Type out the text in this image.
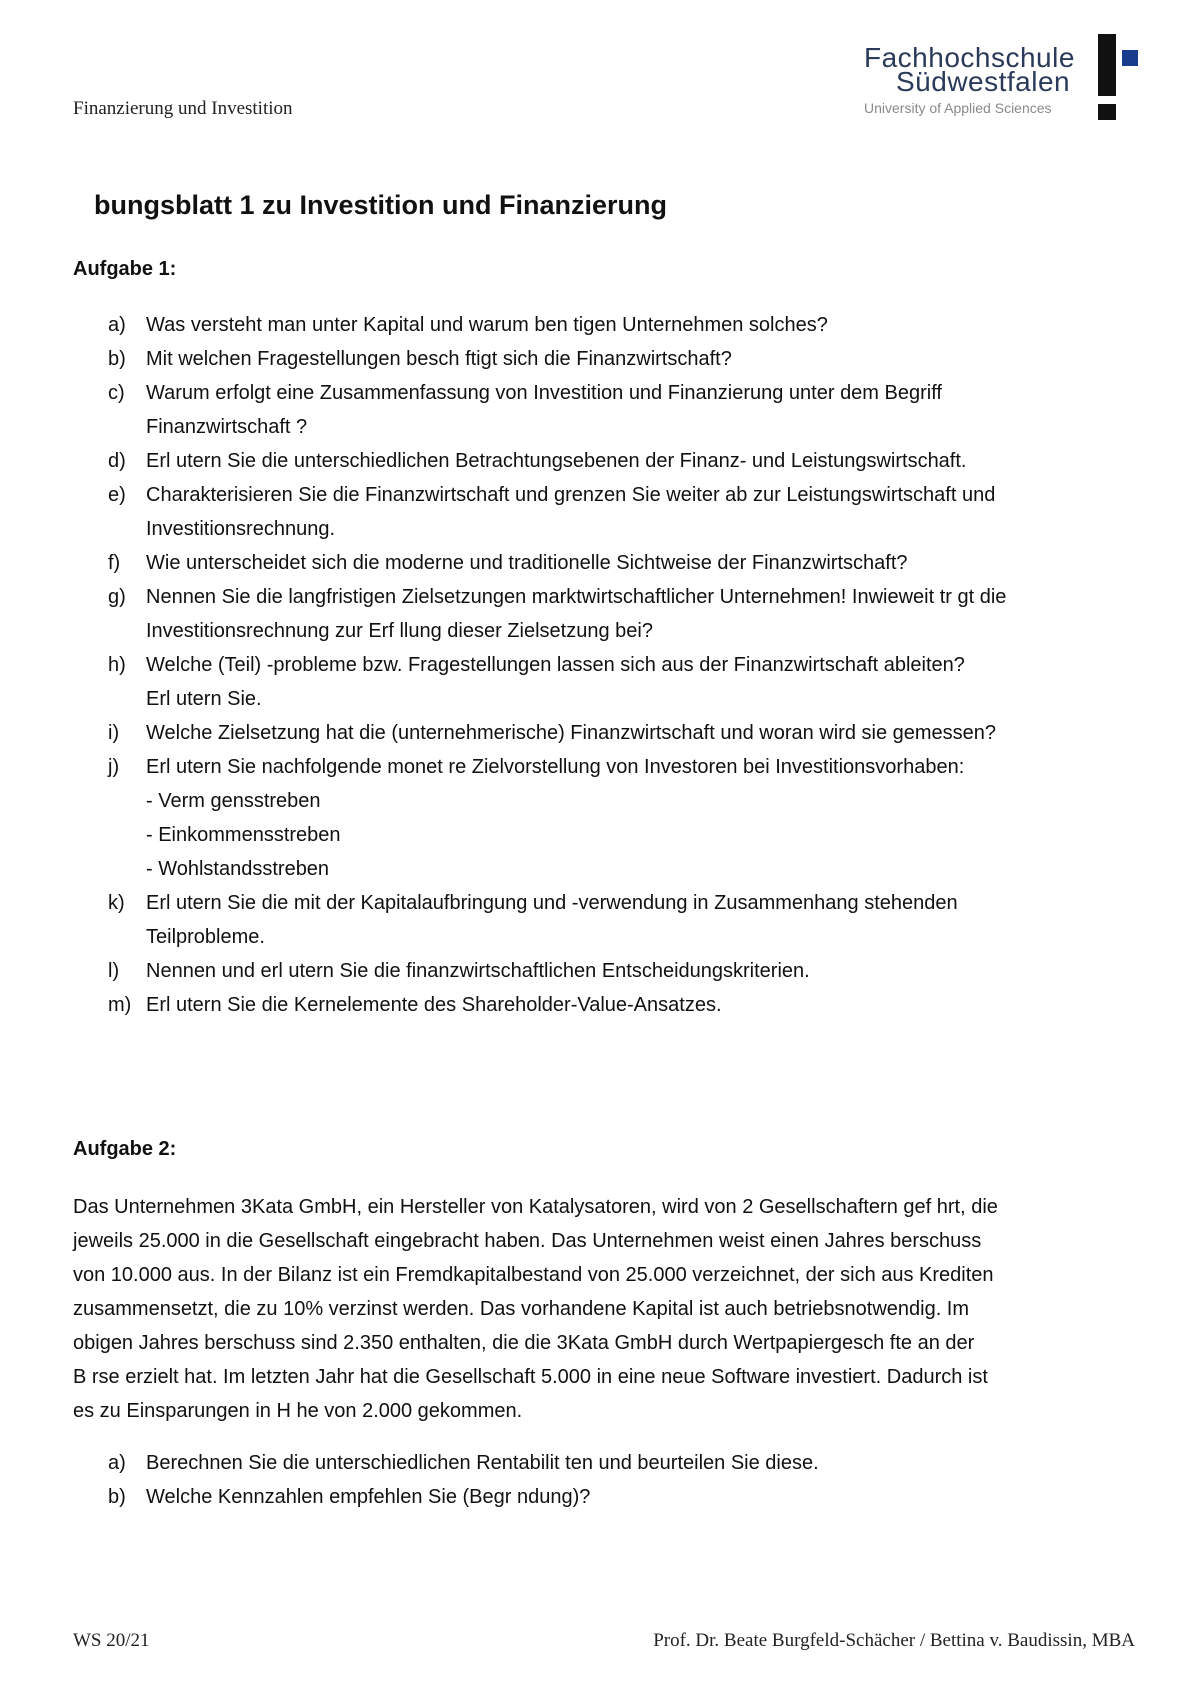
Finanzierung und Investition
Fachhochschule
Südwestfalen
University of Applied Sciences
bungsblatt 1 zu Investition und Finanzierung
Aufgabe 1:
a) Was versteht man unter Kapital und warum ben tigen Unternehmen solches?
b) Mit welchen Fragestellungen besch ftigt sich die Finanzwirtschaft?
c) Warum erfolgt eine Zusammenfassung von Investition und Finanzierung unter dem Begriff
Finanzwirtschaft ?
d) Erl utern Sie die unterschiedlichen Betrachtungsebenen der Finanz- und Leistungswirtschaft.
e) Charakterisieren Sie die Finanzwirtschaft und grenzen Sie weiter ab zur Leistungswirtschaft und
Investitionsrechnung.
f) Wie unterscheidet sich die moderne und traditionelle Sichtweise der Finanzwirtschaft?
g) Nennen Sie die langfristigen Zielsetzungen marktwirtschaftlicher Unternehmen! Inwieweit tr gt die
Investitionsrechnung zur Erf llung dieser Zielsetzung bei?
h) Welche (Teil) -probleme bzw. Fragestellungen lassen sich aus der Finanzwirtschaft ableiten?
Erl utern Sie.
i) Welche Zielsetzung hat die (unternehmerische) Finanzwirtschaft und woran wird sie gemessen?
j) Erl utern Sie nachfolgende monet re Zielvorstellung von Investoren bei Investitionsvorhaben:
- Verm gensstreben
- Einkommensstreben
- Wohlstandsstreben
k) Erl utern Sie die mit der Kapitalaufbringung und -verwendung in Zusammenhang stehenden
Teilprobleme.
l) Nennen und erl utern Sie die finanzwirtschaftlichen Entscheidungskriterien.
m) Erl utern Sie die Kernelemente des Shareholder-Value-Ansatzes.
Aufgabe 2:
Das Unternehmen 3Kata GmbH, ein Hersteller von Katalysatoren, wird von 2 Gesellschaftern gef hrt, die
jeweils 25.000 in die Gesellschaft eingebracht haben. Das Unternehmen weist einen Jahres berschuss
von 10.000 aus. In der Bilanz ist ein Fremdkapitalbestand von 25.000 verzeichnet, der sich aus Krediten
zusammensetzt, die zu 10% verzinst werden. Das vorhandene Kapital ist auch betriebsnotwendig. Im
obigen Jahres berschuss sind 2.350 enthalten, die die 3Kata GmbH durch Wertpapiergesch fte an der
B rse erzielt hat. Im letzten Jahr hat die Gesellschaft 5.000 in eine neue Software investiert. Dadurch ist
es zu Einsparungen in H he von 2.000 gekommen.
a) Berechnen Sie die unterschiedlichen Rentabilit ten und beurteilen Sie diese.
b) Welche Kennzahlen empfehlen Sie (Begr ndung)?
WS 20/21	Prof. Dr. Beate Burgfeld-Schächer / Bettina v. Baudissin, MBA
